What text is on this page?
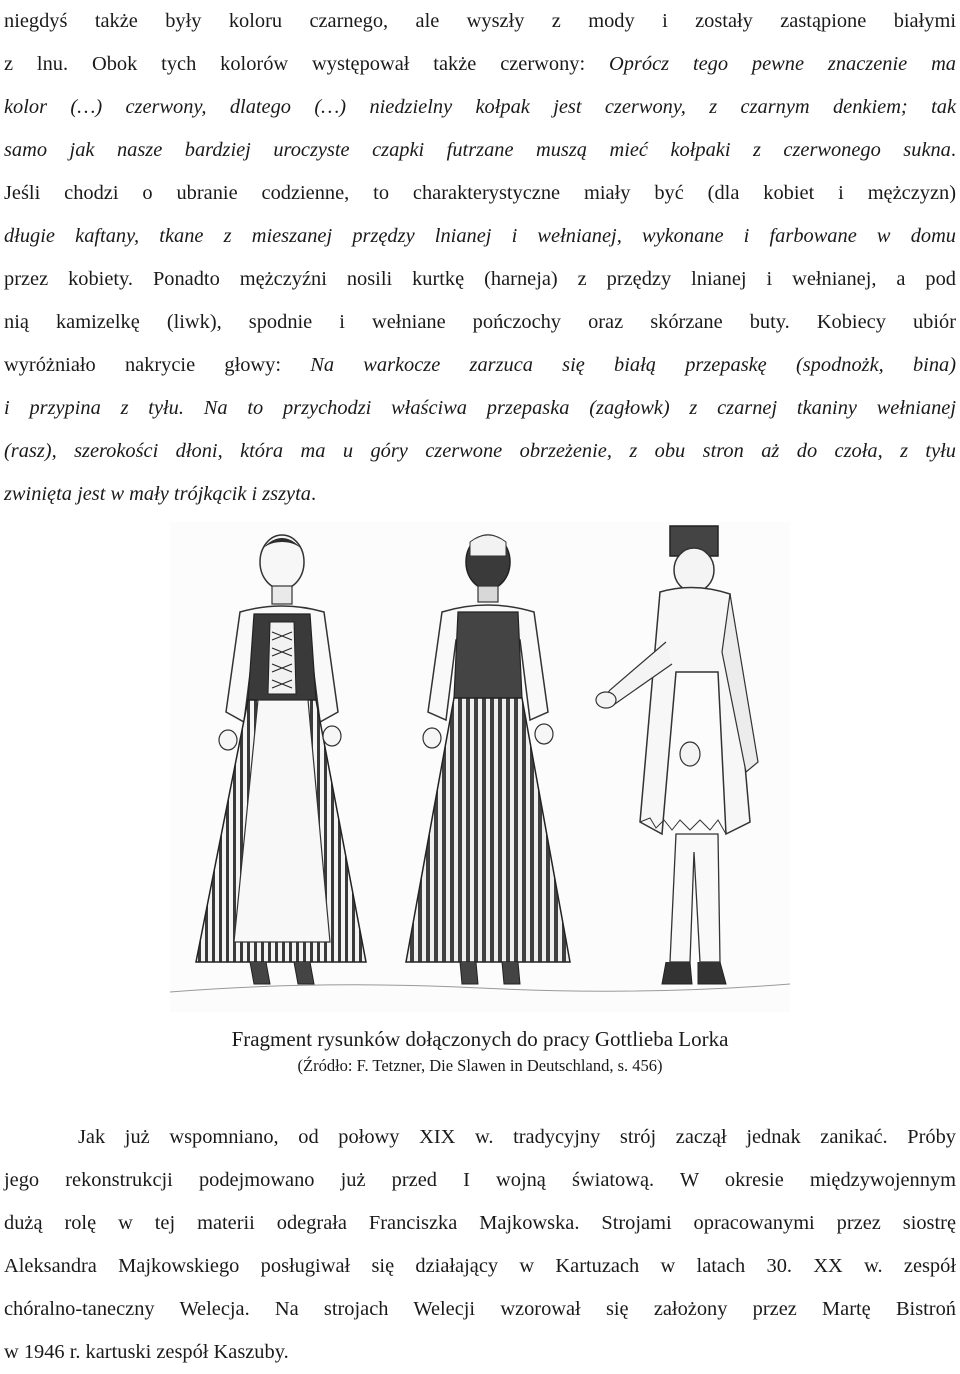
niegdyś także były koloru czarnego, ale wyszły z mody i zostały zastąpione białymi
z lnu. Obok tych kolorów występował także czerwony: Oprócz tego pewne znaczenie ma
kolor (…) czerwony, dlatego (…) niedzielny kołpak jest czerwony, z czarnym denkiem; tak
samo jak nasze bardziej uroczyste czapki futrzane muszą mieć kołpaki z czerwonego sukna.
Jeśli chodzi o ubranie codzienne, to charakterystyczne miały być (dla kobiet i mężczyzn)
długie kaftany, tkane z mieszanej przędzy lnianej i wełnianej, wykonane i farbowane w domu
przez kobiety. Ponadto mężczyźni nosili kurtkę (harneja) z przędzy lnianej i wełnianej, a pod
nią kamizelkę (liwk), spodnie i wełniane pończochy oraz skórzane buty. Kobiecy ubiór
wyróżniało nakrycie głowy: Na warkocze zarzuca się białą przepaskę (spodnożk, bina)
i przypina z tyłu. Na to przychodzi właściwa przepaska (zagłowk) z czarnej tkaniny wełnianej
(rasz), szerokości dłoni, która ma u góry czerwone obrzeżenie, z obu stron aż do czoła, z tyłu
zwinięta jest w mały trójkącik i zszyta.

Fragment rysunków dołączonych do pracy Gottlieba Lorka

(Źródło: F. Tetzner, Die Slawen in Deutschland, s. 456)

Jak już wspomniano, od połowy XIX w. tradycyjny strój zaczął jednak zanikać. Próby
jego rekonstrukcji podejmowano już przed I wojną światową. W okresie międzywojennym
dużą rolę w tej materii odegrała Franciszka Majkowska. Strojami opracowanymi przez siostrę
Aleksandra Majkowskiego posługiwał się działający w Kartuzach w latach 30. XX w. zespół
chóralno-taneczny Welecja. Na strojach Welecji wzorował się założony przez Martę Bistroń
w 1946 r. kartuski zespół Kaszuby.
